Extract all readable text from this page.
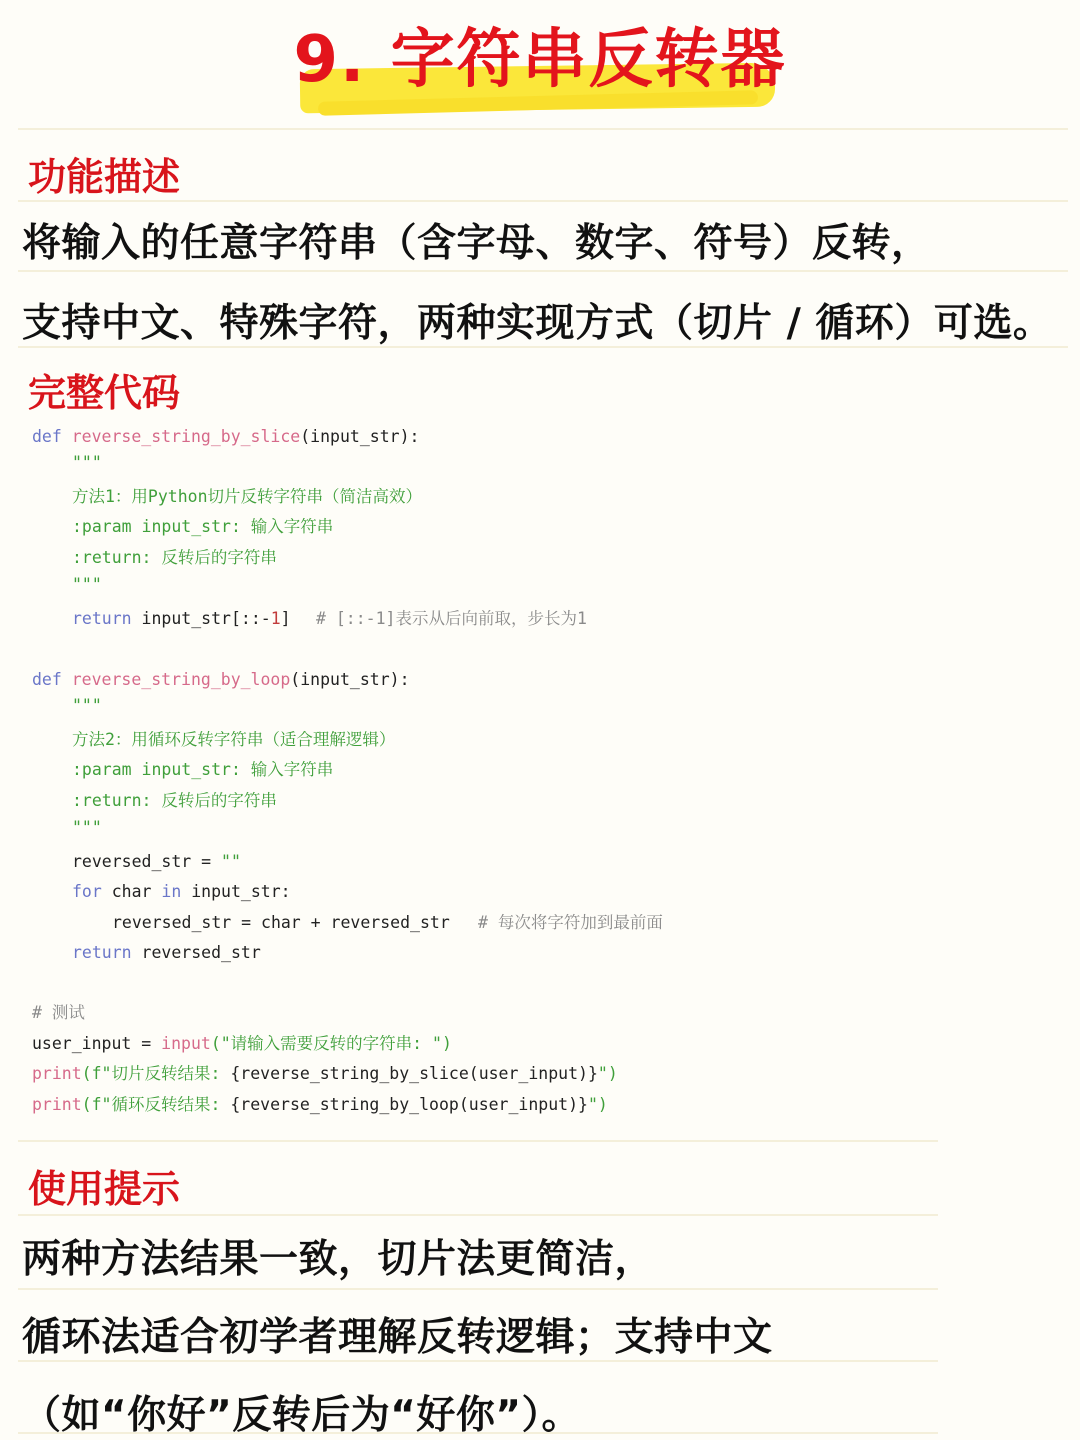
9. 字符串反转器
功能描述
将输入的任意字符串（含字母、数字、符号）反转，
支持中文、特殊字符，两种实现方式（切片 / 循环）可选。
完整代码
def reverse_string_by_slice(input_str):
"""
方法1：用Python切片反转字符串（简洁高效）
:param input_str: 输入字符串
:return: 反转后的字符串
"""
return input_str[::-1] # [::-1]表示从后向前取，步长为1
def reverse_string_by_loop(input_str):
"""
方法2：用循环反转字符串（适合理解逻辑）
:param input_str: 输入字符串
:return: 反转后的字符串
"""
reversed_str = ""
for char in input_str:
reversed_str = char + reversed_str # 每次将字符加到最前面
return reversed_str
# 测试
user_input = input("请输入需要反转的字符串: ")
print(f"切片反转结果: {reverse_string_by_slice(user_input)}")
print(f"循环反转结果: {reverse_string_by_loop(user_input)}")
使用提示
两种方法结果一致，切片法更简洁，
循环法适合初学者理解反转逻辑；支持中文
（如“你好”反转后为“好你”）。
